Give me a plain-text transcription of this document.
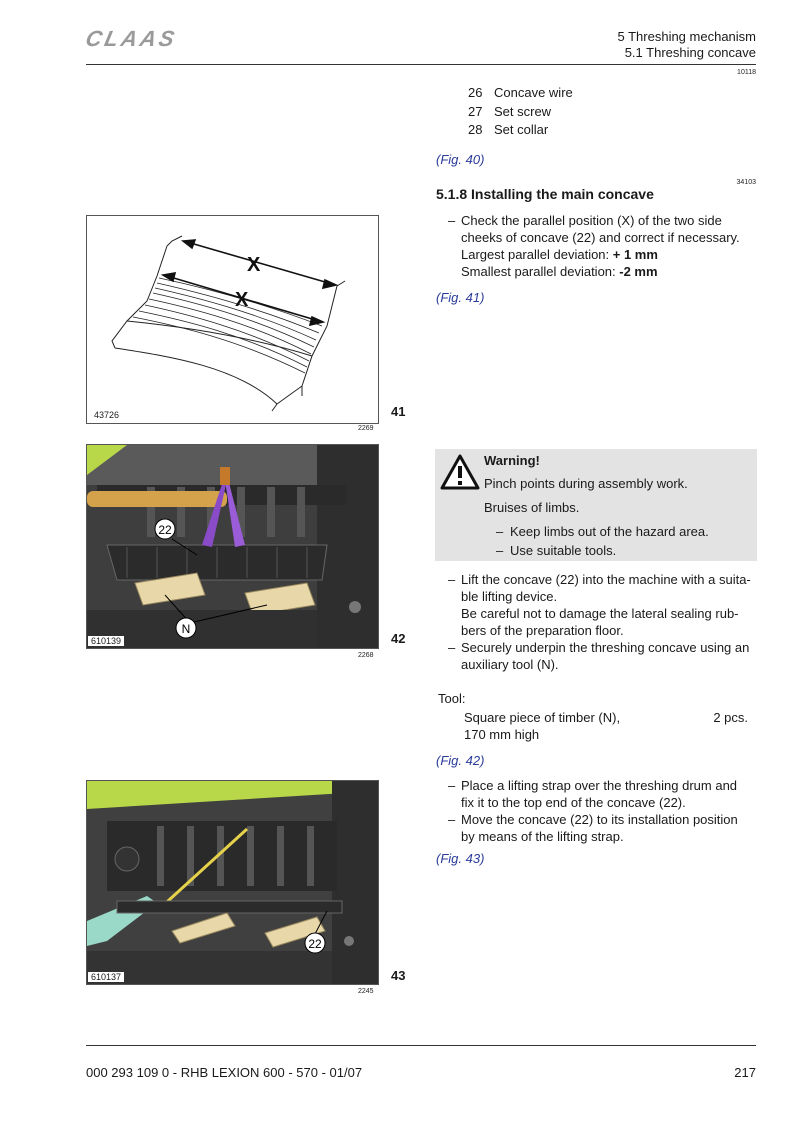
CLAAS	5 Threshing mechanism
5.1 Threshing concave
10118
26 Concave wire
27 Set screw
28 Set collar
(Fig. 40)
34103
5.1.8 Installing the main concave
– Check the parallel position (X) of the two side
cheeks of concave (22) and correct if necessary.
Largest parallel deviation: + 1 mm
Smallest parallel deviation: -2 mm
(Fig. 41)
X
X
43726
2269
41
22
N
610139
2268
42
Warning!
Pinch points during assembly work.
Bruises of limbs.
– Keep limbs out of the hazard area.
– Use suitable tools.
– Lift the concave (22) into the machine with a suita-
ble lifting device.
Be careful not to damage the lateral sealing rub-
bers of the preparation floor.
– Securely underpin the threshing concave using an
auxiliary tool (N).
Tool:
Square piece of timber (N),
170 mm high
2 pcs.
(Fig. 42)
– Place a lifting strap over the threshing drum and
fix it to the top end of the concave (22).
– Move the concave (22) to its installation position
by means of the lifting strap.
(Fig. 43)
22
610137
2245
43
000 293 109 0 - RHB LEXION 600 - 570 - 01/07	217
